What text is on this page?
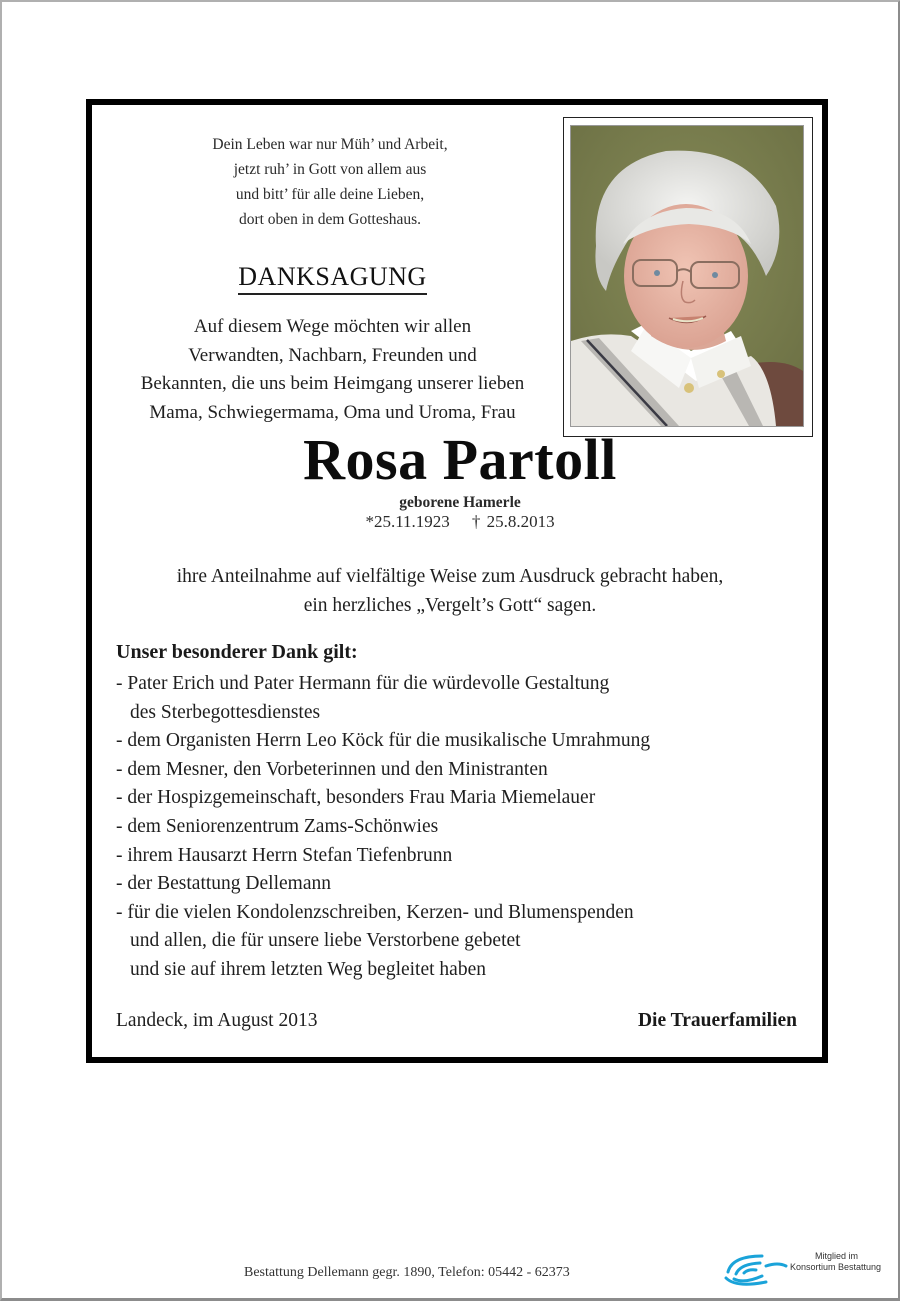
Dein Leben war nur Müh’ und Arbeit,
jetzt ruh’ in Gott von allem aus
und bitt’ für alle deine Lieben,
dort oben in dem Gotteshaus.
DANKSAGUNG
Auf diesem Wege möchten wir allen
Verwandten, Nachbarn, Freunden und
Bekannten, die uns beim Heimgang unserer lieben
Mama, Schwiegermama, Oma und Uroma, Frau
Rosa Partoll
geborene Hamerle
*25.11.1923 † 25.8.2013
ihre Anteilnahme auf vielfältige Weise zum Ausdruck gebracht haben,
ein herzliches „Vergelt’s Gott“ sagen.
Unser besonderer Dank gilt:
- Pater Erich und Pater Hermann für die würdevolle Gestaltung
des Sterbegottesdienstes
- dem Organisten Herrn Leo Köck für die musikalische Umrahmung
- dem Mesner, den Vorbeterinnen und den Ministranten
- der Hospizgemeinschaft, besonders Frau Maria Miemelauer
- dem Seniorenzentrum Zams-Schönwies
- ihrem Hausarzt Herrn Stefan Tiefenbrunn
- der Bestattung Dellemann
- für die vielen Kondolenzschreiben, Kerzen- und Blumenspenden
und allen, die für unsere liebe Verstorbene gebetet
und sie auf ihrem letzten Weg begleitet haben
Landeck, im August 2013	Die Trauerfamilien
Bestattung Dellemann gegr. 1890, Telefon: 05442 - 62373
Mitglied im
Konsortium Bestattung
